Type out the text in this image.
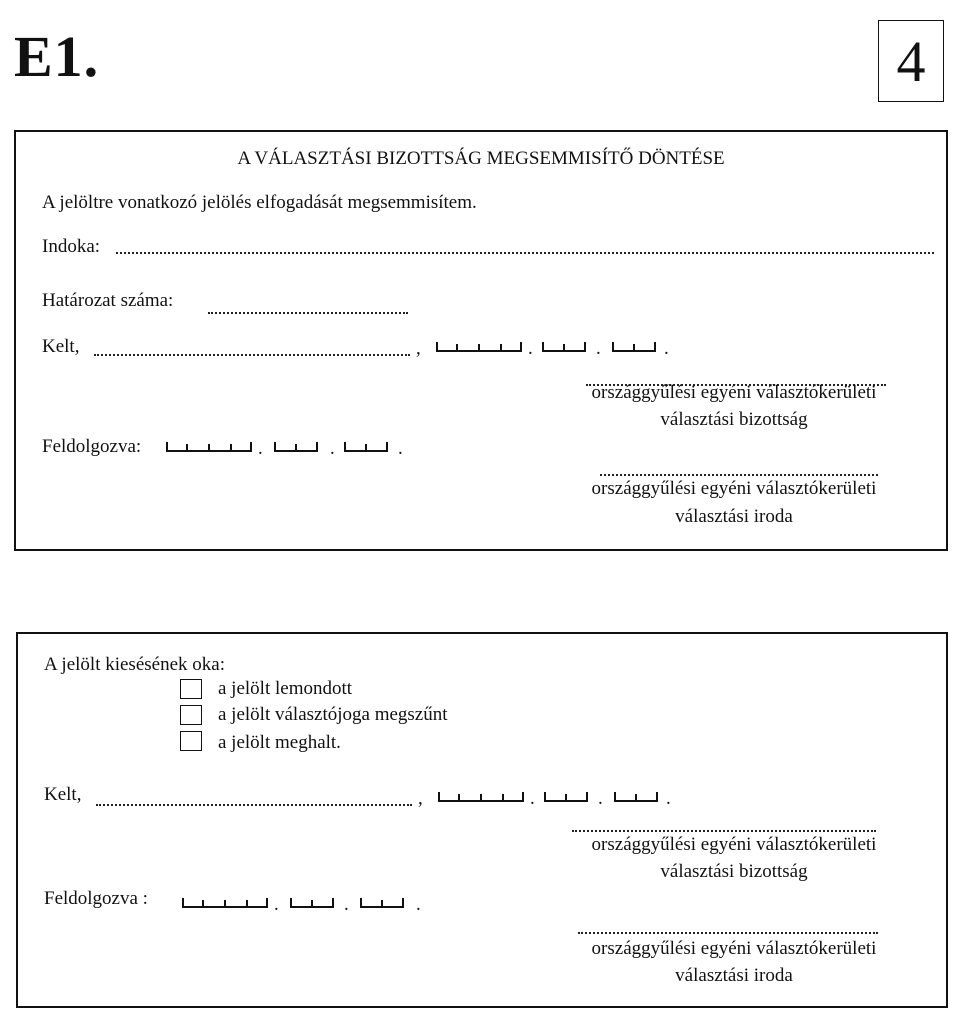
E1.	4
A VÁLASZTÁSI BIZOTTSÁG MEGSEMMISÍTŐ DÖNTÉSE
A jelöltre vonatkozó jelölés elfogadását megsemmisítem.
Indoka:
Határozat száma:
Kelt,	,	.	.	.
országgyűlési egyéni választókerületi
választási bizottság
Feldolgozva:	.	.	.
országgyűlési egyéni választókerületi
választási iroda
A jelölt kiesésének oka:
a jelölt lemondott
a jelölt választójoga megszűnt
a jelölt meghalt.
Kelt,	,	.	.	.
országgyűlési egyéni választókerületi
választási bizottság
Feldolgozva :	.	.	.
országgyűlési egyéni választókerületi
választási iroda
